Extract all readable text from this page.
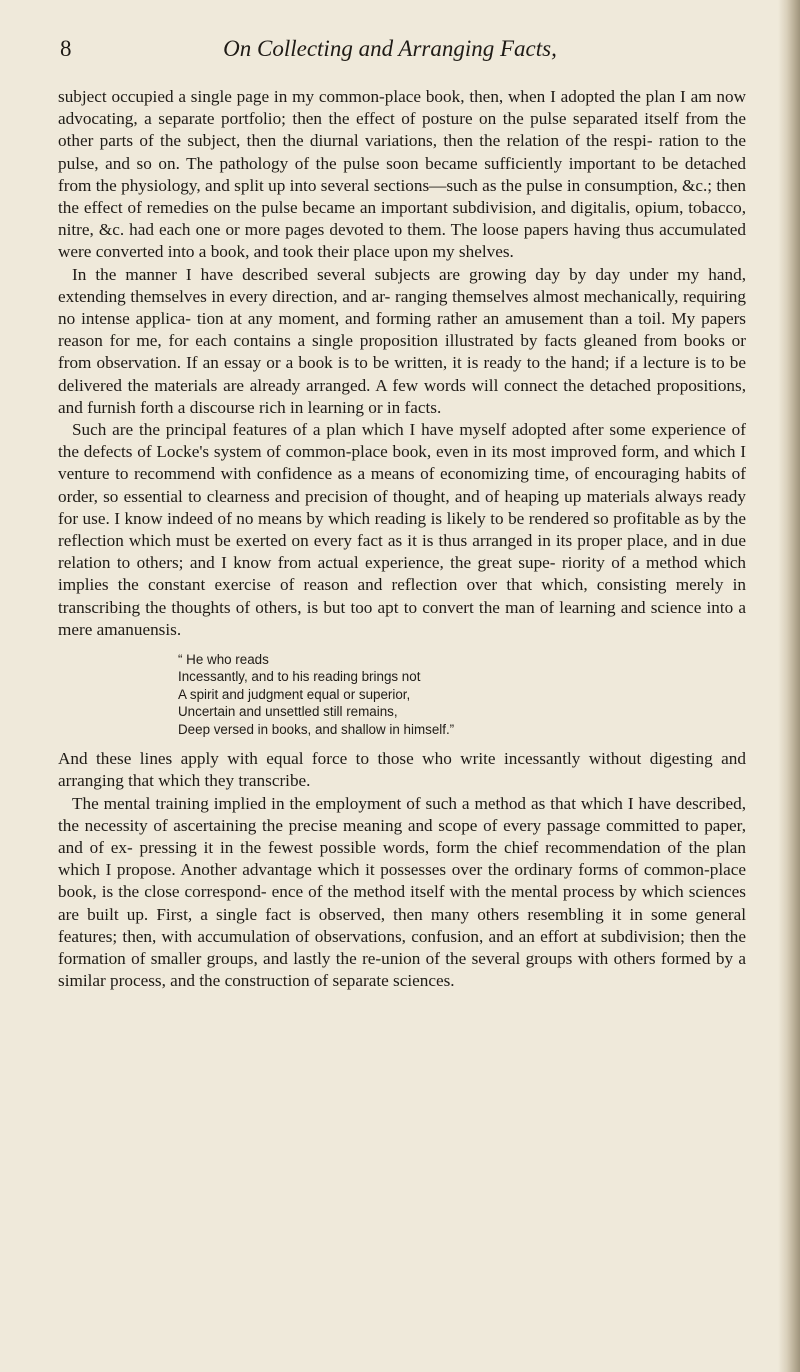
8	On Collecting and Arranging Facts,

subject occupied a single page in my common-place book, then, when I adopted the plan I am now advocating, a separate portfolio; then the effect of posture on the pulse separated itself from the other parts of the subject, then the diurnal variations, then the relation of the respi- ration to the pulse, and so on. The pathology of the pulse soon became sufficiently important to be detached from the physiology, and split up into several sections—such as the pulse in consumption, &c.; then the effect of remedies on the pulse became an important subdivision, and digitalis, opium, tobacco, nitre, &c. had each one or more pages devoted to them. The loose papers having thus accumulated were converted into a book, and took their place upon my shelves.

In the manner I have described several subjects are growing day by day under my hand, extending themselves in every direction, and ar- ranging themselves almost mechanically, requiring no intense applica- tion at any moment, and forming rather an amusement than a toil. My papers reason for me, for each contains a single proposition illustrated by facts gleaned from books or from observation. If an essay or a book is to be written, it is ready to the hand; if a lecture is to be delivered the materials are already arranged. A few words will connect the detached propositions, and furnish forth a discourse rich in learning or in facts.

Such are the principal features of a plan which I have myself adopted after some experience of the defects of Locke's system of common-place book, even in its most improved form, and which I venture to recommend with confidence as a means of economizing time, of encouraging habits of order, so essential to clearness and precision of thought, and of heaping up materials always ready for use. I know indeed of no means by which reading is likely to be rendered so profitable as by the reflection which must be exerted on every fact as it is thus arranged in its proper place, and in due relation to others; and I know from actual experience, the great supe- riority of a method which implies the constant exercise of reason and reflection over that which, consisting merely in transcribing the thoughts of others, is but too apt to convert the man of learning and science into a mere amanuensis.

“ He who reads
Incessantly, and to his reading brings not
A spirit and judgment equal or superior,
Uncertain and unsettled still remains,
Deep versed in books, and shallow in himself.”

And these lines apply with equal force to those who write incessantly without digesting and arranging that which they transcribe.

The mental training implied in the employment of such a method as that which I have described, the necessity of ascertaining the precise meaning and scope of every passage committed to paper, and of ex- pressing it in the fewest possible words, form the chief recommendation of the plan which I propose. Another advantage which it possesses over the ordinary forms of common-place book, is the close correspond- ence of the method itself with the mental process by which sciences are built up. First, a single fact is observed, then many others resembling it in some general features; then, with accumulation of observations, confusion, and an effort at subdivision; then the formation of smaller groups, and lastly the re-union of the several groups with others formed by a similar process, and the construction of separate sciences.
